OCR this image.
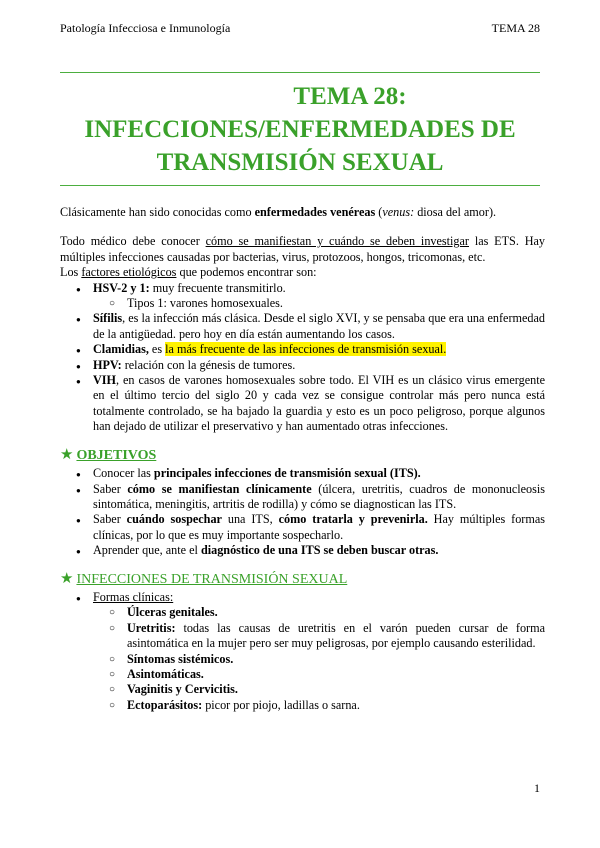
Patología Infecciosa e Inmunología	TEMA 28
TEMA 28:
INFECCIONES/ENFERMEDADES DE
TRANSMISIÓN SEXUAL

Clásicamente han sido conocidas como enfermedades venéreas (venus: diosa del amor).

Todo médico debe conocer cómo se manifiestan y cuándo se deben investigar las ETS. Hay múltiples infecciones causadas por bacterias, virus, protozoos, hongos, tricomonas, etc.

Los factores etiológicos que podemos encontrar son:

● HSV-2 y 1: muy frecuente transmitirlo.
○ Tipos 1: varones homosexuales.
● Sífilis, es la infección más clásica. Desde el siglo XVI, y se pensaba que era una enfermedad de la antigüedad. pero hoy en día están aumentando los casos.
● Clamidias, es la más frecuente de las infecciones de transmisión sexual.
● HPV: relación con la génesis de tumores.
● VIH, en casos de varones homosexuales sobre todo. El VIH es un clásico virus emergente en el último tercio del siglo 20 y cada vez se consigue controlar más pero nunca está totalmente controlado, se ha bajado la guardia y esto es un poco peligroso, porque algunos han dejado de utilizar el preservativo y han aumentado otras infecciones.
★ OBJETIVOS
● Conocer las principales infecciones de transmisión sexual (ITS).
● Saber cómo se manifiestan clínicamente (úlcera, uretritis, cuadros de mononucleosis sintomática, meningitis, artritis de rodilla) y cómo se diagnostican las ITS.
● Saber cuándo sospechar una ITS, cómo tratarla y prevenirla. Hay múltiples formas clínicas, por lo que es muy importante sospecharlo.
● Aprender que, ante el diagnóstico de una ITS se deben buscar otras.
★ INFECCIONES DE TRANSMISIÓN SEXUAL
● Formas clínicas:
○ Úlceras genitales.
○ Uretritis: todas las causas de uretritis en el varón pueden cursar de forma asintomática en la mujer pero ser muy peligrosas, por ejemplo causando esterilidad.
○ Síntomas sistémicos.
○ Asintomáticas.
○ Vaginitis y Cervicitis.
○ Ectoparásitos: picor por piojo, ladillas o sarna.
1
